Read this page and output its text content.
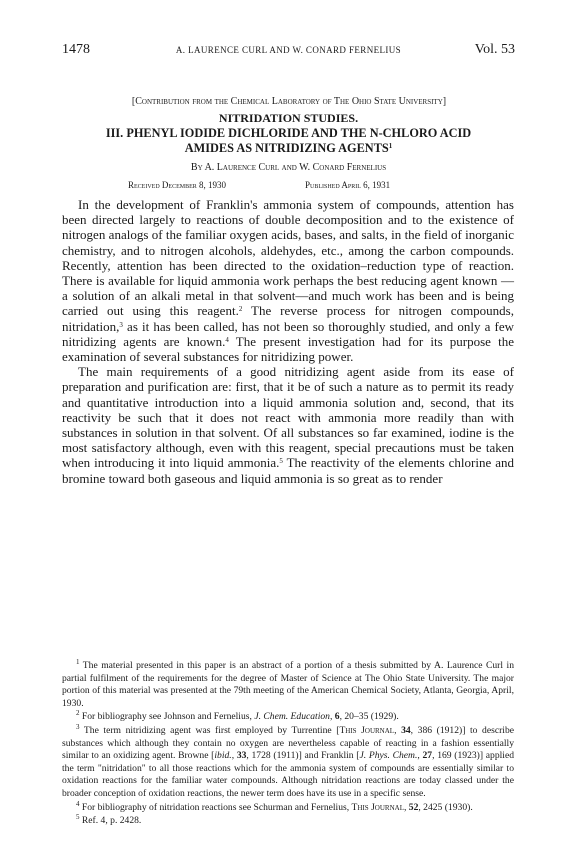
1478	A. LAURENCE CURL AND W. CONARD FERNELIUS	Vol. 53
[Contribution from the Chemical Laboratory of The Ohio State University]
NITRIDATION STUDIES.
III. PHENYL IODIDE DICHLORIDE AND THE N-CHLORO ACID
AMIDES AS NITRIDIZING AGENTS$^1$
By A. Laurence Curl and W. Conard Fernelius
Received December 8, 1930	Published April 6, 1931

In the development of Franklin's ammonia system of compounds, attention has been directed largely to reactions of double decomposition and to the existence of nitrogen analogs of the familiar oxygen acids, bases, and salts, in the field of inorganic chemistry, and to nitrogen alcohols, aldehydes, etc., among the carbon compounds. Recently, attention has been directed to the oxidation–reduction type of reaction. There is available for liquid ammonia work perhaps the best reducing agent known —a solution of an alkali metal in that solvent—and much work has been and is being carried out using this reagent.$^2$ The reverse process for nitrogen compounds, nitridation,$^3$ as it has been called, has not been so thoroughly studied, and only a few nitridizing agents are known.$^4$ The present investigation had for its purpose the examination of several substances for nitridizing power.

The main requirements of a good nitridizing agent aside from its ease of preparation and purification are: first, that it be of such a nature as to permit its ready and quantitative introduction into a liquid ammonia solution and, second, that its reactivity be such that it does not react with ammonia more readily than with substances in solution in that solvent. Of all substances so far examined, iodine is the most satisfactory although, even with this reagent, special precautions must be taken when introducing it into liquid ammonia.$^5$ The reactivity of the elements chlorine and bromine toward both gaseous and liquid ammonia is so great as to render

$^1$ The material presented in this paper is an abstract of a portion of a thesis submitted by A. Laurence Curl in partial fulfilment of the requirements for the degree of Master of Science at The Ohio State University. The major portion of this material was presented at the 79th meeting of the American Chemical Society, Atlanta, Georgia, April, 1930.

$^2$ For bibliography see Johnson and Fernelius, J. Chem. Education, 6, 20–35 (1929).

$^3$ The term nitridizing agent was first employed by Turrentine [This Journal, 34, 386 (1912)] to describe substances which although they contain no oxygen are nevertheless capable of reacting in a fashion essentially similar to an oxidizing agent. Browne [ibid., 33, 1728 (1911)] and Franklin [J. Phys. Chem., 27, 169 (1923)] applied the term "nitridation" to all those reactions which for the ammonia system of compounds are essentially similar to oxidation reactions for the familiar water compounds. Although nitridation reactions are today classed under the broader conception of oxidation reactions, the newer term does have its use in a specific sense.

$^4$ For bibliography of nitridation reactions see Schurman and Fernelius, This Journal, 52, 2425 (1930).

$^5$ Ref. 4, p. 2428.
